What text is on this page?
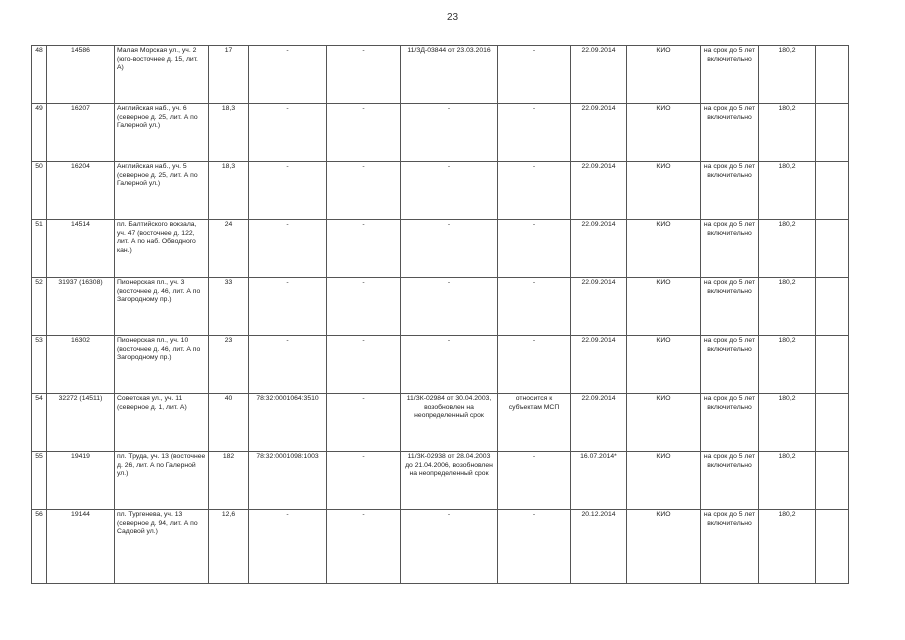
23
48	14586	Малая Морская ул., уч. 2 (юго-восточнее д. 15, лит. А)	17	-	-	11/ЗД-03844 от 23.03.2016	-	22.09.2014	КИО	на срок до 5 лет включительно	180,2	
49	16207	Английская наб., уч. 6 (северное д. 25, лит. А по Галерной ул.)	18,3	-	-	-	-	22.09.2014	КИО	на срок до 5 лет включительно	180,2	
50	16204	Английская наб., уч. 5 (северное д. 25, лит. А по Галерной ул.)	18,3	-	-	-	-	22.09.2014	КИО	на срок до 5 лет включительно	180,2	
51	14514	пл. Балтийского вокзала, уч. 47 (восточнее д. 122, лит. А по наб. Обводного кан.)	24	-	-	-	-	22.09.2014	КИО	на срок до 5 лет включительно	180,2	
52	31937 (16308)	Пионерская пл., уч. 3 (восточнее д. 46, лит. А по Загородному пр.)	33	-	-	-	-	22.09.2014	КИО	на срок до 5 лет включительно	180,2	
53	16302	Пионерская пл., уч. 10 (восточнее д. 46, лит. А по Загородному пр.)	23	-	-	-	-	22.09.2014	КИО	на срок до 5 лет включительно	180,2	
54	32272 (14511)	Советская ул., уч. 11 (северное д. 1, лит. А)	40	78:32:0001064:3510	-	11/ЗК-02984 от 30.04.2003, возобновлен на неопределенный срок	относится к субъектам МСП	22.09.2014	КИО	на срок до 5 лет включительно	180,2	
55	19419	пл. Труда, уч. 13 (восточнее д. 26, лит. А по Галерной ул.)	182	78:32:0001098:1003	-	11/ЗК-02938 от 28.04.2003 до 21.04.2006, возобновлен на неопределенный срок	-	16.07.2014*	КИО	на срок до 5 лет включительно	180,2	
56	19144	пл. Тургенева, уч. 13 (северное д. 94, лит. А по Садовой ул.)	12,6	-	-	-	-	20.12.2014	КИО	на срок до 5 лет включительно	180,2	
